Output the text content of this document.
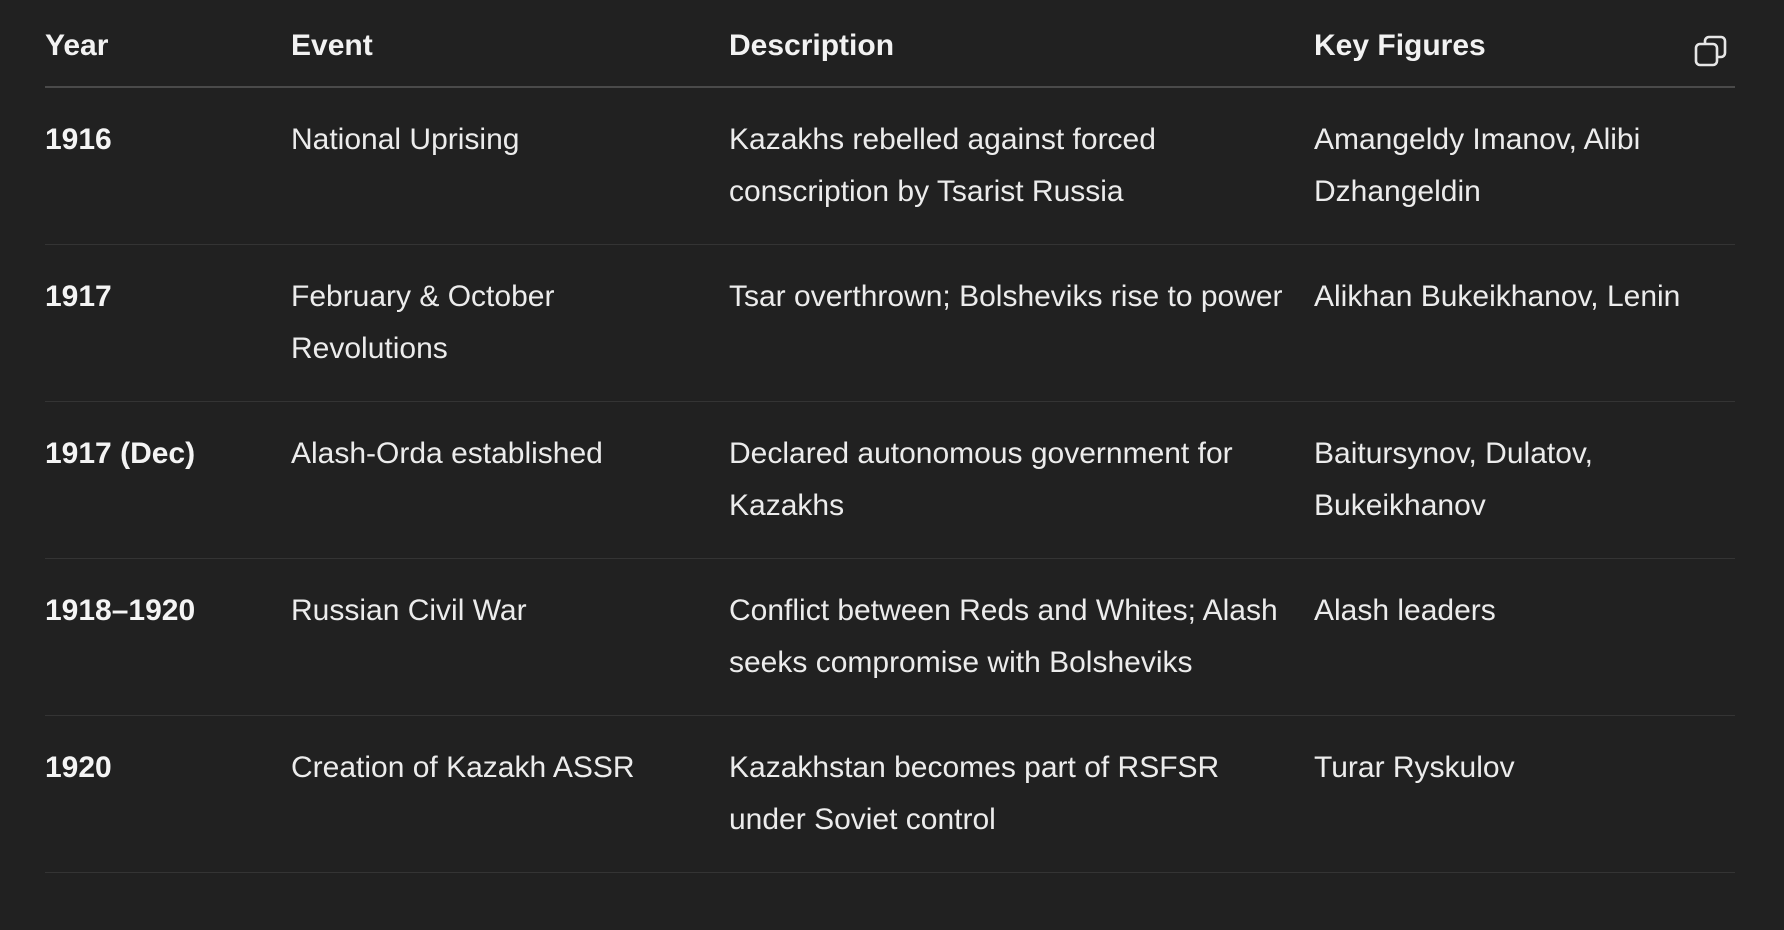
Year	Event	Description	Key Figures
1916	National Uprising	Kazakhs rebelled against forced conscription by Tsarist Russia	Amangeldy Imanov, Alibi Dzhangeldin
1917	February & October Revolutions	Tsar overthrown; Bolsheviks rise to power	Alikhan Bukeikhanov, Lenin
1917 (Dec)	Alash-Orda established	Declared autonomous government for Kazakhs	Baitursynov, Dulatov, Bukeikhanov
1918–1920	Russian Civil War	Conflict between Reds and Whites; Alash seeks compromise with Bolsheviks	Alash leaders
1920	Creation of Kazakh ASSR	Kazakhstan becomes part of RSFSR under Soviet control	Turar Ryskulov
